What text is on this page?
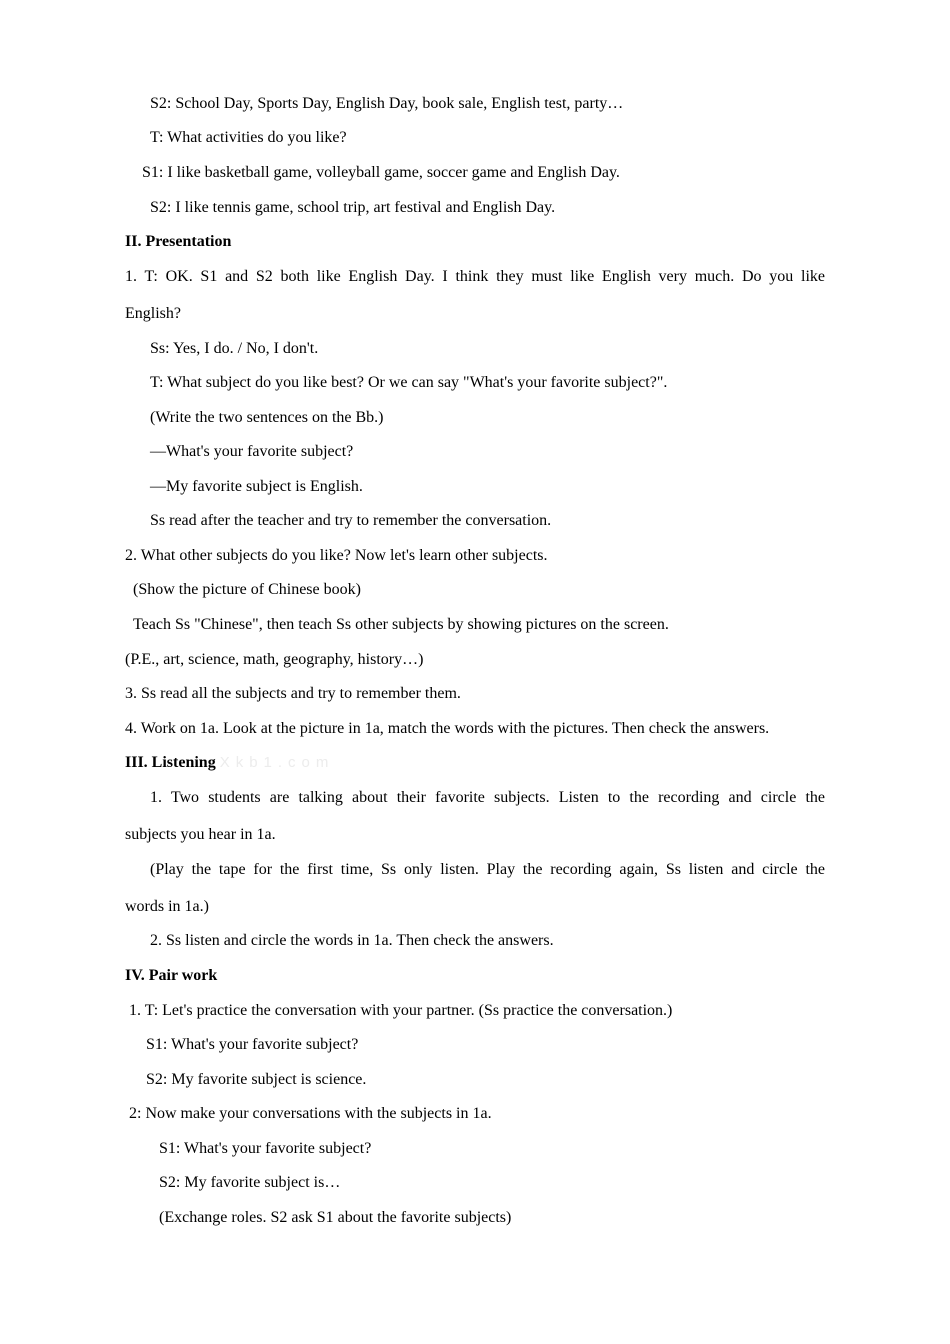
S2: School Day, Sports Day, English Day, book sale, English test, party…
T: What activities do you like?
S1: I like basketball game, volleyball game, soccer game and English Day.
S2: I like tennis game, school trip, art festival and English Day.
II. Presentation
1. T: OK. S1 and S2 both like English Day. I think they must like English very much. Do you like
English?
Ss: Yes, I do. / No, I don't.
T: What subject do you like best? Or we can say "What's your favorite subject?".
(Write the two sentences on the Bb.)
—What's your favorite subject?
—My favorite subject is English.
Ss read after the teacher and try to remember the conversation.
2. What other subjects do you like? Now let's learn other subjects.
(Show the picture of Chinese book)
Teach Ss "Chinese", then teach Ss other subjects by showing pictures on the screen.
(P.E., art, science, math, geography, history…)
3. Ss read all the subjects and try to remember them.
4. Work on 1a. Look at the picture in 1a, match the words with the pictures. Then check the answers.
III. Listening Xkb1.com
1. Two students are talking about their favorite subjects. Listen to the recording and circle the
subjects you hear in 1a.
(Play the tape for the first time, Ss only listen. Play the recording again, Ss listen and circle the
words in 1a.)
2. Ss listen and circle the words in 1a. Then check the answers.
IV. Pair work
1. T: Let's practice the conversation with your partner. (Ss practice the conversation.)
S1: What's your favorite subject?
S2: My favorite subject is science.
2: Now make your conversations with the subjects in 1a.
S1: What's your favorite subject?
S2: My favorite subject is…
(Exchange roles. S2 ask S1 about the favorite subjects)
